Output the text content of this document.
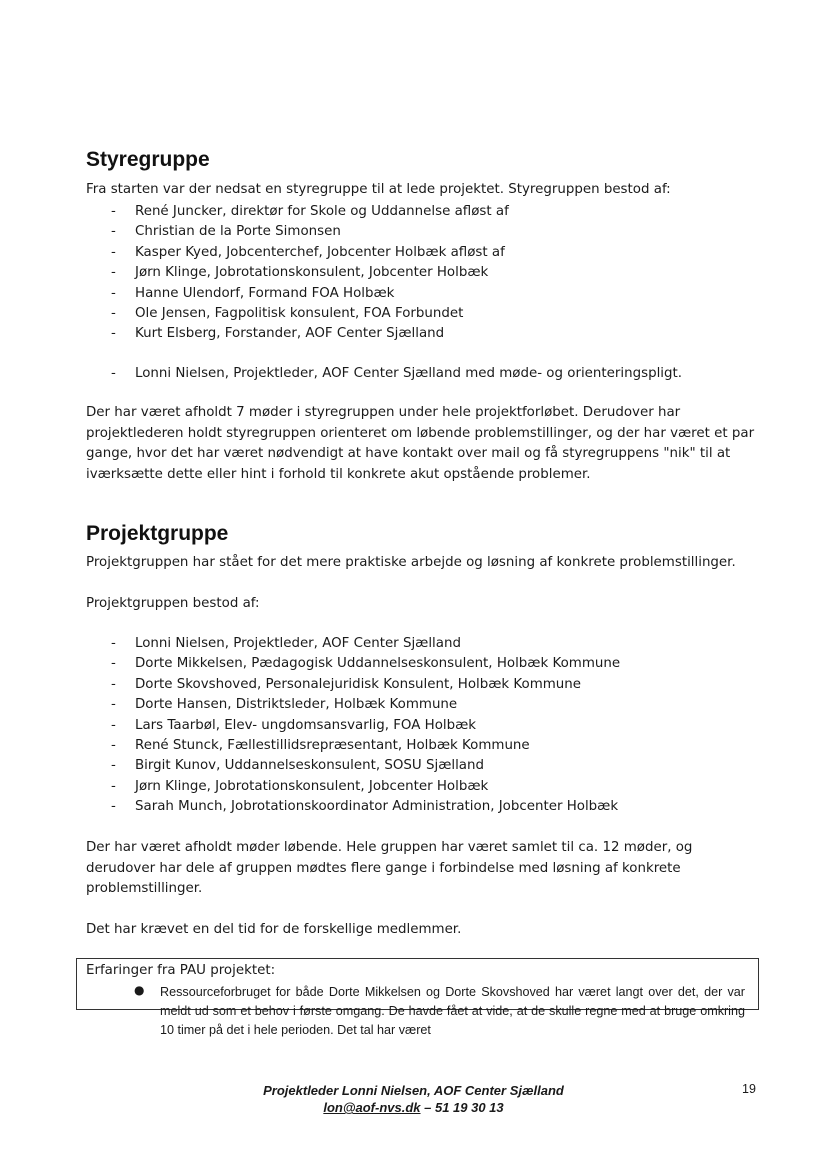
Styregruppe

Fra starten var der nedsat en styregruppe til at lede projektet. Styregruppen bestod af:

- René Juncker, direktør for Skole og Uddannelse afløst af
- Christian de la Porte Simonsen
- Kasper Kyed, Jobcenterchef, Jobcenter Holbæk afløst af
- Jørn Klinge, Jobrotationskonsulent, Jobcenter Holbæk
- Hanne Ulendorf, Formand FOA Holbæk
- Ole Jensen, Fagpolitisk konsulent, FOA Forbundet
- Kurt Elsberg, Forstander, AOF Center Sjælland
- Lonni Nielsen, Projektleder, AOF Center Sjælland med møde- og orienteringspligt.

Der har været afholdt 7 møder i styregruppen under hele projektforløbet. Derudover har projektlederen holdt styregruppen orienteret om løbende problemstillinger, og der har været et par gange, hvor det har været nødvendigt at have kontakt over mail og få styregruppens "nik" til at iværksætte dette eller hint i forhold til konkrete akut opstående problemer.

Projektgruppe

Projektgruppen har stået for det mere praktiske arbejde og løsning af konkrete problemstillinger.

Projektgruppen bestod af:

- Lonni Nielsen, Projektleder, AOF Center Sjælland
- Dorte Mikkelsen, Pædagogisk Uddannelseskonsulent, Holbæk Kommune
- Dorte Skovshoved, Personalejuridisk Konsulent, Holbæk Kommune
- Dorte Hansen, Distriktsleder, Holbæk Kommune
- Lars Taarbøl, Elev- ungdomsansvarlig, FOA Holbæk
- René Stunck, Fællestillidsrepræsentant, Holbæk Kommune
- Birgit Kunov, Uddannelseskonsulent, SOSU Sjælland
- Jørn Klinge, Jobrotationskonsulent, Jobcenter Holbæk
- Sarah Munch, Jobrotationskoordinator Administration, Jobcenter Holbæk

Der har været afholdt møder løbende. Hele gruppen har været samlet til ca. 12 møder, og derudover har dele af gruppen mødtes flere gange i forbindelse med løsning af konkrete problemstillinger.

Det har krævet en del tid for de forskellige medlemmer.

Erfaringer fra PAU projektet:

● Ressourceforbruget for både Dorte Mikkelsen og Dorte Skovshoved har været langt over det, der var meldt ud som et behov i første omgang. De havde fået at vide, at de skulle regne med at bruge omkring 10 timer på det i hele perioden. Det tal har været

Projektleder Lonni Nielsen, AOF Center Sjælland
lon@aof-nvs.dk – 51 19 30 13
19
